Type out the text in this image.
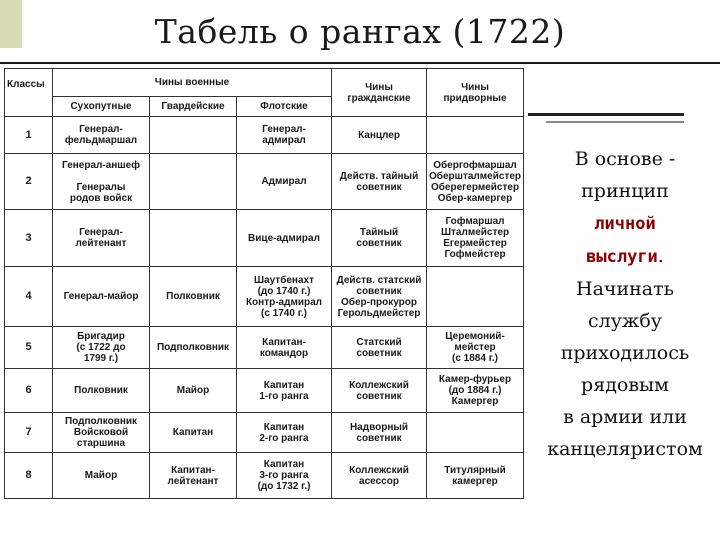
Табель о рангах (1722)
Классы	Чины военные			Чины гражданские	Чины придворные
	Сухопутные	Гвардейские	Флотские		
1	Генерал-
фельдмаршал		Генерал-
адмирал	Канцлер	

2	Генерал-аншеф

Генералы
родов войск		Адмирал	Действ. тайный
советник	Обергофмаршал
Обершталмейстер
Оберегермейстер
Обер-камергер

3	Генерал-
лейтенант		Вице-адмирал	Тайный
советник	Гофмаршал
Шталмейстер
Егермейстер
Гофмейстер

4	Генерал-майор	Полковник	Шаутбенахт
(до 1740 г.)
Контр-адмирал
(с 1740 г.)	Действ. статский
советник
Обер-прокурор
Герольдмейстер	

5	Бригадир
(с 1722 до
1799 г.)	Подполковник	Капитан-
командор	Статский
советник	Церемоний-
мейстер
(с 1884 г.)

6	Полковник	Майор	Капитан
1-го ранга	Коллежский
советник	Камер-фурьер
(до 1884 г.)
Камергер

7	Подполковник
Войсковой
старшина	Капитан	Капитан
2-го ранга	Надворный
советник	

8	Майор	Капитан-
лейтенант	Капитан
3-го ранга
(до 1732 г.)	Коллежский
асессор	Титулярный
камергер
В основе -
принцип
личной
выслуги.
Начинать
службу
приходилось
рядовым
в армии или
канцеляристом
